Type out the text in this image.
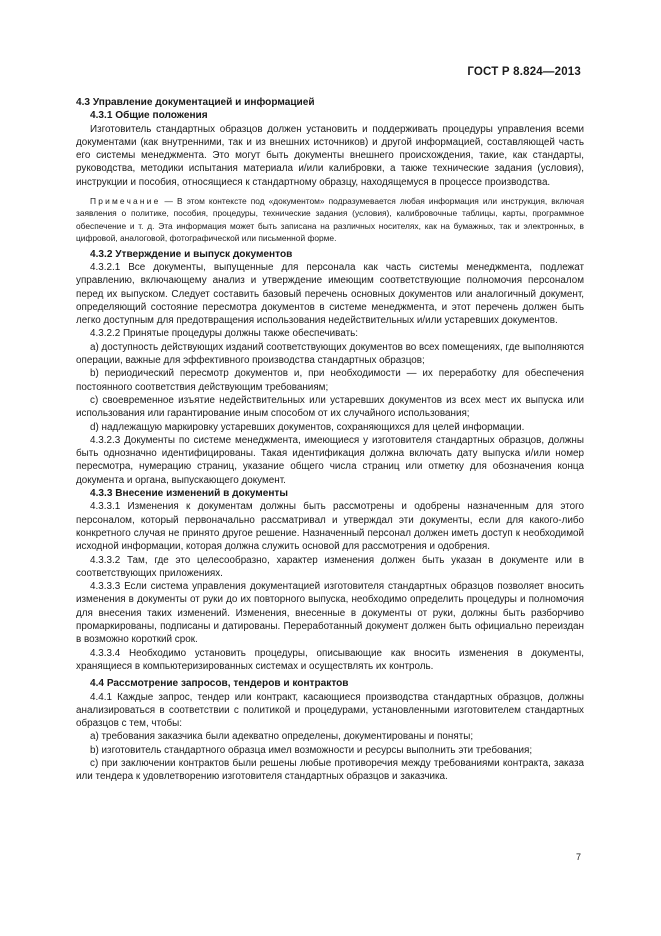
ГОСТ Р 8.824—2013

4.3 Управление документацией и информацией

4.3.1 Общие положения

Изготовитель стандартных образцов должен установить и поддерживать процедуры управления всеми документами (как внутренними, так и из внешних источников) и другой информацией, составляющей часть его системы менеджмента. Это могут быть документы внешнего происхождения, такие, как стандарты, руководства, методики испытания материала и/или калибровки, а также технические задания (условия), инструкции и пособия, относящиеся к стандартному образцу, находящемуся в процессе производства.

Примечание — В этом контексте под «документом» подразумевается любая информация или инструкция, включая заявления о политике, пособия, процедуры, технические задания (условия), калибровочные таблицы, карты, программное обеспечение и т. д. Эта информация может быть записана на различных носителях, как на бумажных, так и электронных, в цифровой, аналоговой, фотографической или письменной форме.

4.3.2 Утверждение и выпуск документов

4.3.2.1 Все документы, выпущенные для персонала как часть системы менеджмента, подлежат управлению, включающему анализ и утверждение имеющим соответствующие полномочия персоналом перед их выпуском. Следует составить базовый перечень основных документов или аналогичный документ, определяющий состояние пересмотра документов в системе менеджмента, и этот перечень должен быть легко доступным для предотвращения использования недействительных и/или устаревших документов.

4.3.2.2 Принятые процедуры должны также обеспечивать:

а) доступность действующих изданий соответствующих документов во всех помещениях, где выполняются операции, важные для эффективного производства стандартных образцов;

b) периодический пересмотр документов и, при необходимости — их переработку для обеспечения постоянного соответствия действующим требованиям;

с) своевременное изъятие недействительных или устаревших документов из всех мест их выпуска или использования или гарантирование иным способом от их случайного использования;

d) надлежащую маркировку устаревших документов, сохраняющихся для целей информации.

4.3.2.3 Документы по системе менеджмента, имеющиеся у изготовителя стандартных образцов, должны быть однозначно идентифицированы. Такая идентификация должна включать дату выпуска и/или номер пересмотра, нумерацию страниц, указание общего числа страниц или отметку для обозначения конца документа и органа, выпускающего документ.

4.3.3 Внесение изменений в документы

4.3.3.1 Изменения к документам должны быть рассмотрены и одобрены назначенным для этого персоналом, который первоначально рассматривал и утверждал эти документы, если для какого-либо конкретного случая не принято другое решение. Назначенный персонал должен иметь доступ к необходимой исходной информации, которая должна служить основой для рассмотрения и одобрения.

4.3.3.2 Там, где это целесообразно, характер изменения должен быть указан в документе или в соответствующих приложениях.

4.3.3.3 Если система управления документацией изготовителя стандартных образцов позволяет вносить изменения в документы от руки до их повторного выпуска, необходимо определить процедуры и полномочия для внесения таких изменений. Изменения, внесенные в документы от руки, должны быть разборчиво промаркированы, подписаны и датированы. Переработанный документ должен быть официально переиздан в возможно короткий срок.

4.3.3.4 Необходимо установить процедуры, описывающие как вносить изменения в документы, хранящиеся в компьютеризированных системах и осуществлять их контроль.

4.4 Рассмотрение запросов, тендеров и контрактов

4.4.1 Каждые запрос, тендер или контракт, касающиеся производства стандартных образцов, должны анализироваться в соответствии с политикой и процедурами, установленными изготовителем стандартных образцов с тем, чтобы:

а) требования заказчика были адекватно определены, документированы и поняты;

b) изготовитель стандартного образца имел возможности и ресурсы выполнить эти требования;

с) при заключении контрактов были решены любые противоречия между требованиями контракта, заказа или тендера к удовлетворению изготовителя стандартных образцов и заказчика.

7
